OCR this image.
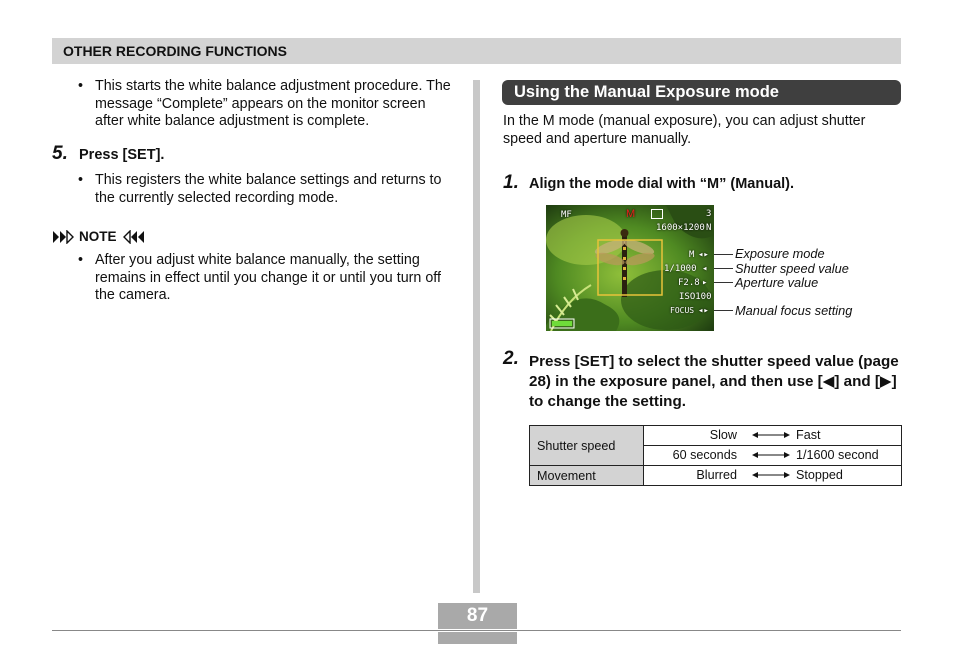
OTHER RECORDING FUNCTIONS
• This starts the white balance adjustment procedure. The message “Complete” appears on the monitor screen after white balance adjustment is complete.
5. Press [SET].
• This registers the white balance settings and returns to the currently selected recording mode.
NOTE
• After you adjust white balance manually, the setting remains in effect until you change it or until you turn off the camera.
Using the Manual Exposure mode
In the M mode (manual exposure), you can adjust shutter speed and aperture manually.
1. Align the mode dial with “M” (Manual).
MF	M	3
1600×1200 N
M ◂▸
1/1000 ◂
F2.8 ▸
ISO100
FOCUS ◂▸
Exposure mode
Shutter speed value
Aperture value
Manual focus setting
2. Press [SET] to select the shutter speed value (page 28) in the exposure panel, and then use [◀] and [▶] to change the setting.
Shutter speed	Slow Fast

	60 seconds 1/1600 second

Movement	Blurred Stopped
87
